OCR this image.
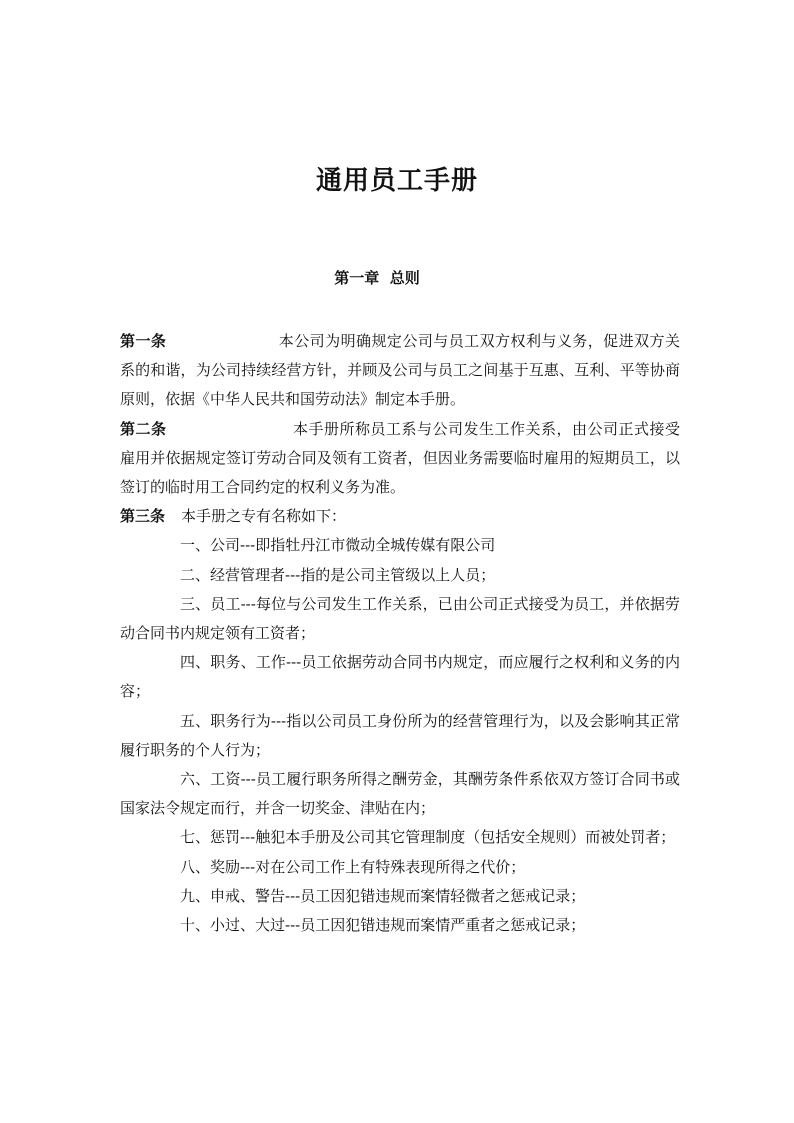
通用员工手册
第一章  总则

第一条	本公司为明确规定公司与员工双方权利与义务，促进双方关系的和谐，为公司持续经营方针，并顾及公司与员工之间基于互惠、互利、平等协商原则，依据《中华人民共和国劳动法》制定本手册。

第二条	本手册所称员工系与公司发生工作关系，由公司正式接受雇用并依据规定签订劳动合同及领有工资者，但因业务需要临时雇用的短期员工，以签订的临时用工合同约定的权利义务为准。

第三条 本手册之专有名称如下：

一、公司---即指牡丹江市微动全城传媒有限公司

二、经营管理者---指的是公司主管级以上人员；

三、员工---每位与公司发生工作关系，已由公司正式接受为员工，并依据劳动合同书内规定领有工资者；

四、职务、工作---员工依据劳动合同书内规定，而应履行之权利和义务的内容；

五、职务行为---指以公司员工身份所为的经营管理行为，以及会影响其正常履行职务的个人行为；

六、工资---员工履行职务所得之酬劳金，其酬劳条件系依双方签订合同书或国家法令规定而行，并含一切奖金、津贴在内；

七、惩罚---触犯本手册及公司其它管理制度（包括安全规则）而被处罚者；

八、奖励---对在公司工作上有特殊表现所得之代价；

九、申戒、警告---员工因犯错违规而案情轻微者之惩戒记录；

十、小过、大过---员工因犯错违规而案情严重者之惩戒记录；
